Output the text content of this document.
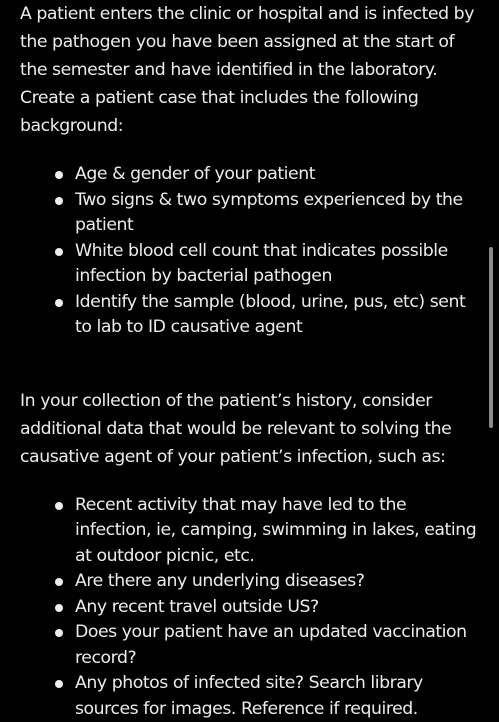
A patient enters the clinic or hospital and is infected by the pathogen you have been assigned at the start of the semester and have identified in the laboratory. Create a patient case that includes the following background:

Age & gender of your patient
Two signs & two symptoms experienced by the patient
White blood cell count that indicates possible infection by bacterial pathogen
Identify the sample (blood, urine, pus, etc) sent to lab to ID causative agent

In your collection of the patient’s history, consider additional data that would be relevant to solving the causative agent of your patient’s infection, such as:

Recent activity that may have led to the infection, ie, camping, swimming in lakes, eating at outdoor picnic, etc.
Are there any underlying diseases?
Any recent travel outside US?
Does your patient have an updated vaccination record?
Any photos of infected site? Search library sources for images. Reference if required.
